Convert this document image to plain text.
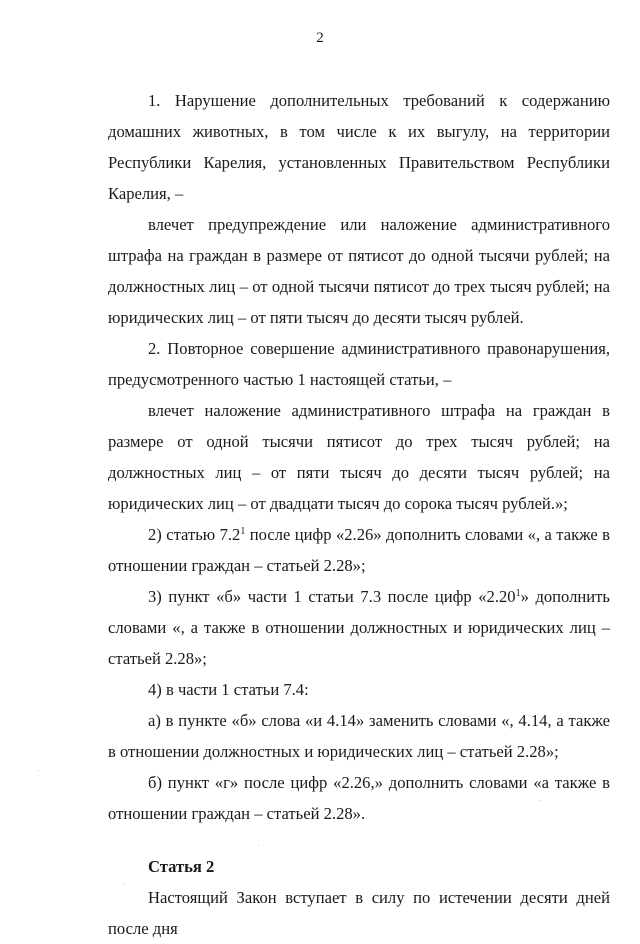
2

1. Нарушение дополнительных требований к содержанию домашних животных, в том числе к их выгулу, на территории Республики Карелия, установленных Правительством Республики Карелия, –

влечет предупреждение или наложение административного штрафа на граждан в размере от пятисот до одной тысячи рублей; на должностных лиц – от одной тысячи пятисот до трех тысяч рублей; на юридических лиц – от пяти тысяч до десяти тысяч рублей.

2. Повторное совершение административного правонарушения, предусмотренного частью 1 настоящей статьи, –

влечет наложение административного штрафа на граждан в размере от одной тысячи пятисот до трех тысяч рублей; на должностных лиц – от пяти тысяч до десяти тысяч рублей; на юридических лиц – от двадцати тысяч до сорока тысяч рублей.»;

2) статью $7.2^1$ после цифр «2.26» дополнить словами «, а также в отношении граждан – статьей 2.28»;

3) пункт «б» части 1 статьи 7.3 после цифр «2.20$^1$» дополнить словами «, а также в отношении должностных и юридических лиц – статьей 2.28»;

4) в части 1 статьи 7.4:

а) в пункте «б» слова «и 4.14» заменить словами «, 4.14, а также в отношении должностных и юридических лиц – статьей 2.28»;

б) пункт «г» после цифр «2.26,» дополнить словами «а также в отношении граждан – статьей 2.28».

Статья 2

Настоящий Закон вступает в силу по истечении десяти дней после дня
